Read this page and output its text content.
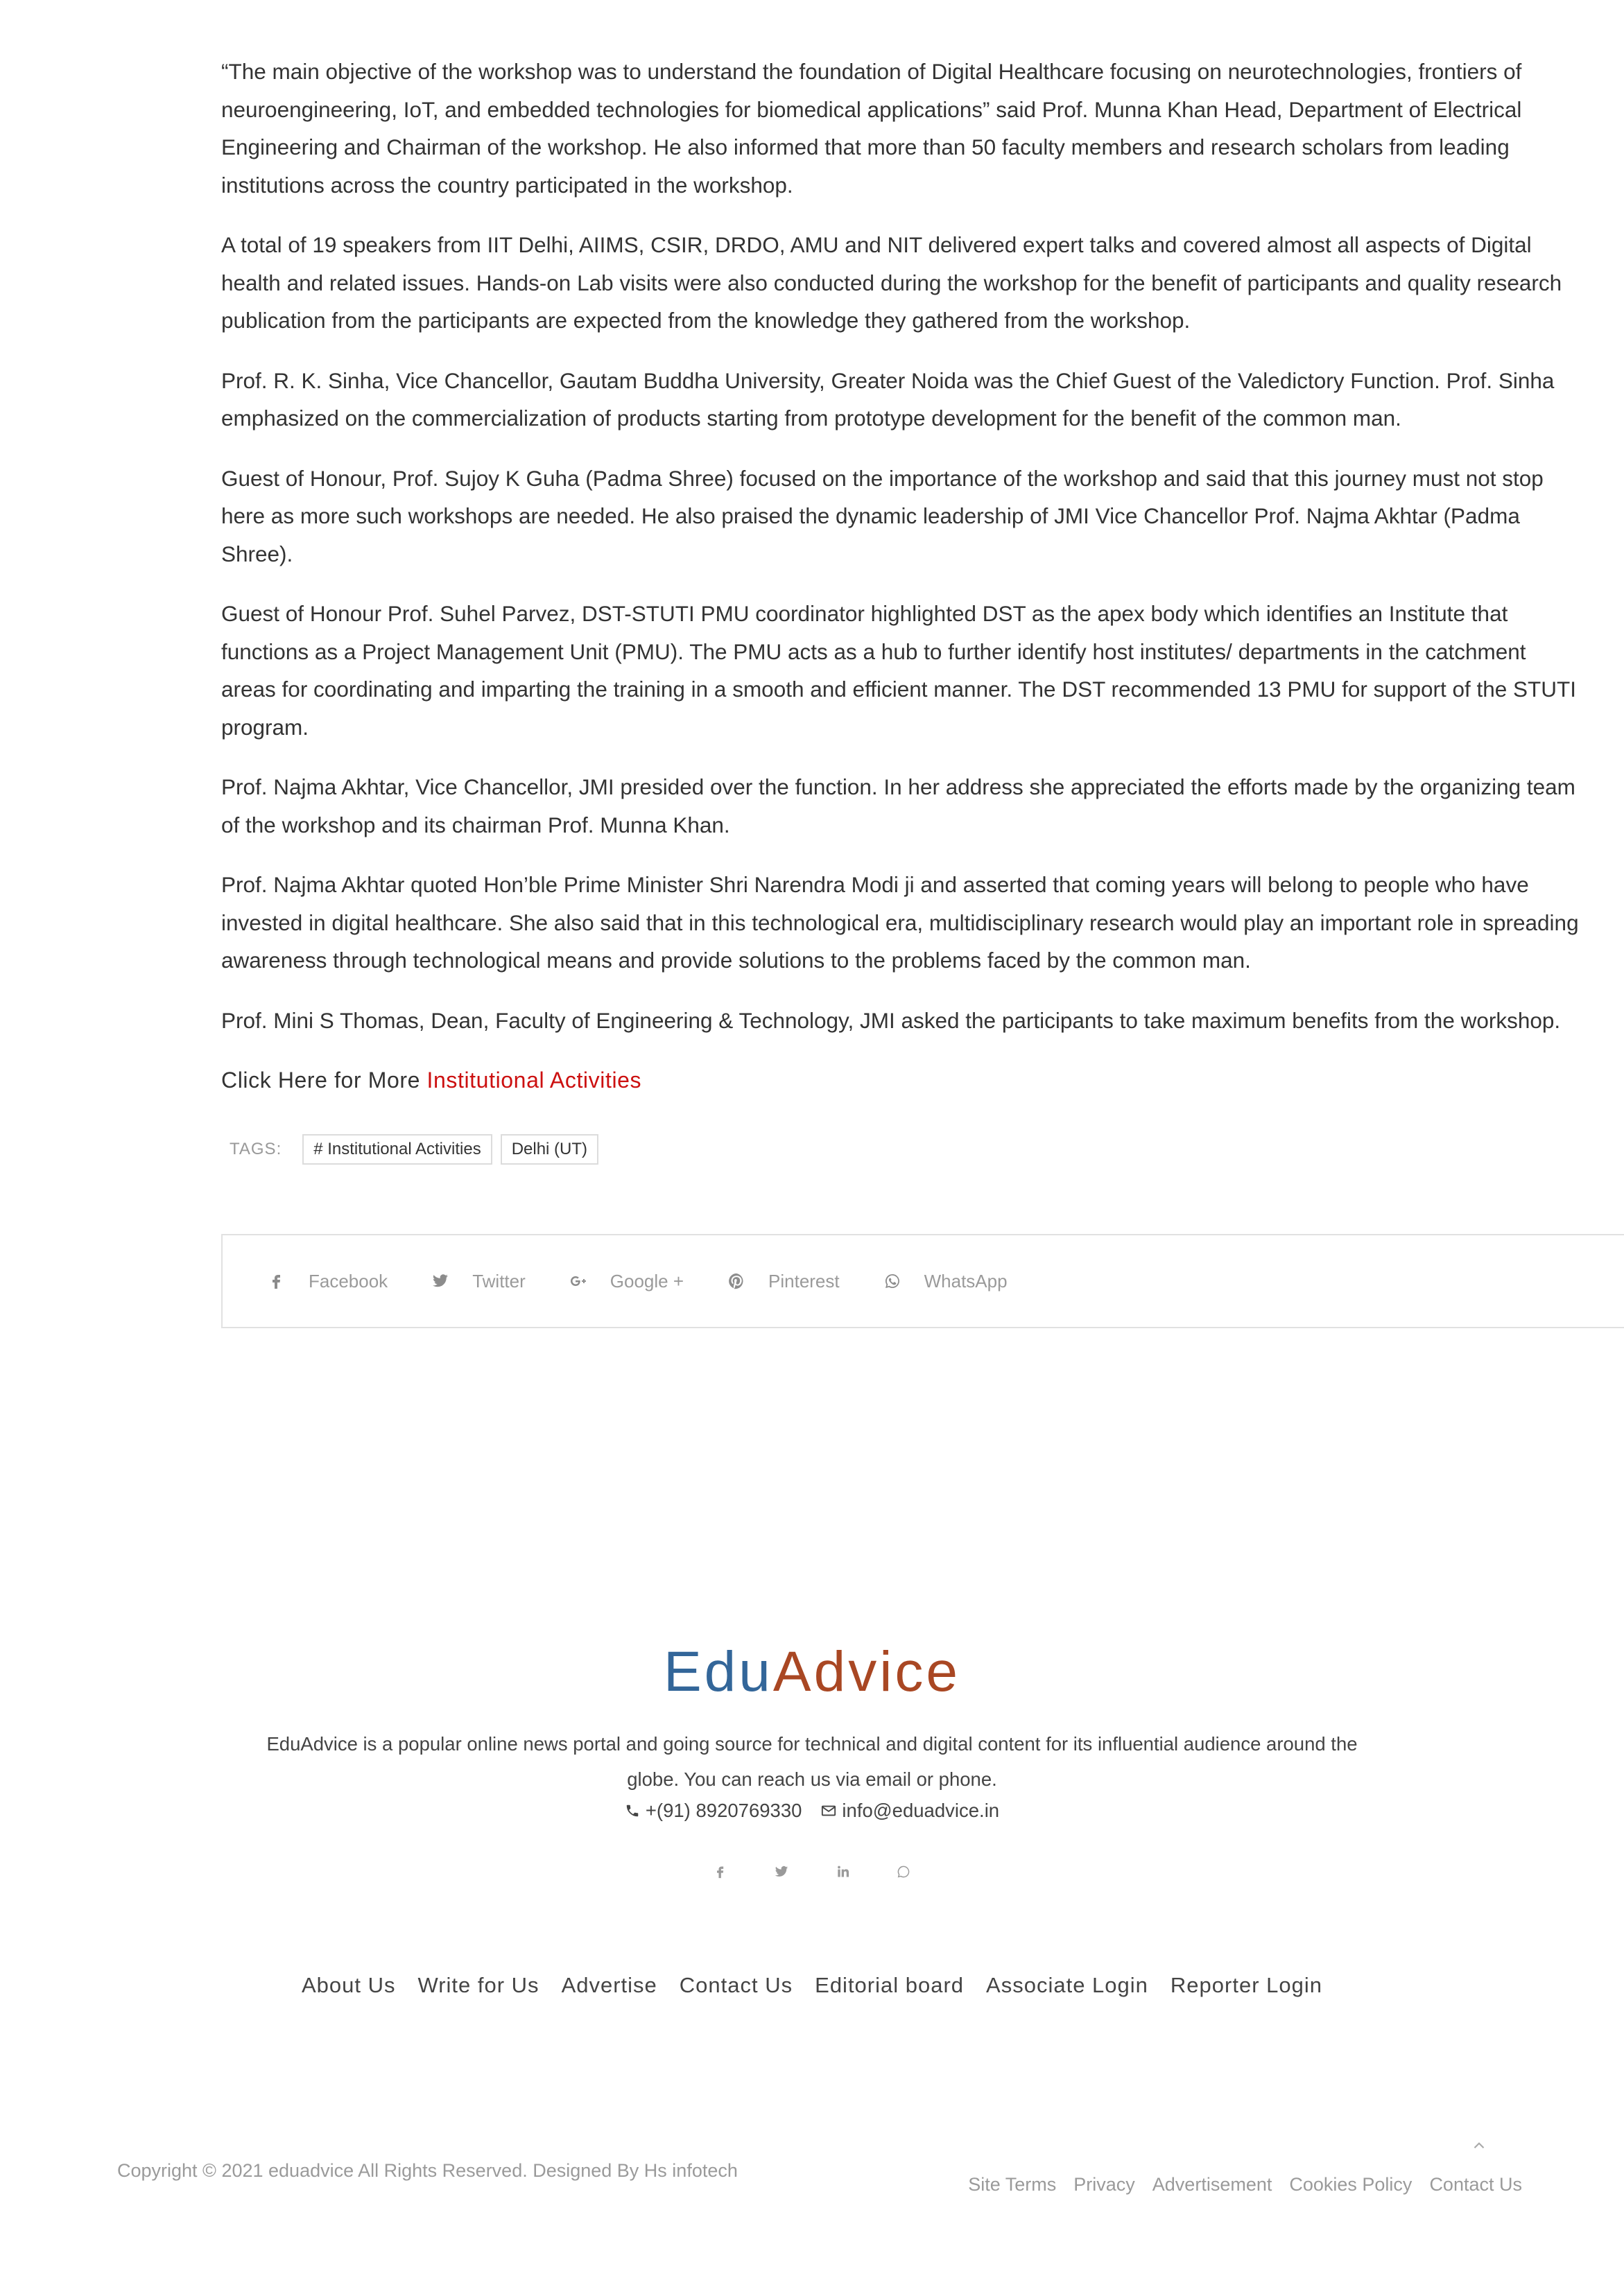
“The main objective of the workshop was to understand the foundation of Digital Healthcare focusing on neurotechnologies, frontiers of neuroengineering, IoT, and embedded technologies for biomedical applications” said Prof. Munna Khan Head, Department of Electrical Engineering and Chairman of the workshop. He also informed that more than 50 faculty members and research scholars from leading institutions across the country participated in the workshop.

A total of 19 speakers from IIT Delhi, AIIMS, CSIR, DRDO, AMU and NIT delivered expert talks and covered almost all aspects of Digital health and related issues. Hands-on Lab visits were also conducted during the workshop for the benefit of participants and quality research publication from the participants are expected from the knowledge they gathered from the workshop.

Prof. R. K. Sinha, Vice Chancellor, Gautam Buddha University, Greater Noida was the Chief Guest of the Valedictory Function. Prof. Sinha emphasized on the commercialization of products starting from prototype development for the benefit of the common man.

Guest of Honour, Prof. Sujoy K Guha (Padma Shree) focused on the importance of the workshop and said that this journey must not stop here as more such workshops are needed. He also praised the dynamic leadership of JMI Vice Chancellor Prof. Najma Akhtar (Padma Shree).

Guest of Honour Prof. Suhel Parvez, DST-STUTI PMU coordinator highlighted DST as the apex body which identifies an Institute that functions as a Project Management Unit (PMU). The PMU acts as a hub to further identify host institutes/ departments in the catchment areas for coordinating and imparting the training in a smooth and efficient manner. The DST recommended 13 PMU for support of the STUTI program.

Prof. Najma Akhtar, Vice Chancellor, JMI presided over the function. In her address she appreciated the efforts made by the organizing team of the workshop and its chairman Prof. Munna Khan.

Prof. Najma Akhtar quoted Hon’ble Prime Minister Shri Narendra Modi ji and asserted that coming years will belong to people who have invested in digital healthcare. She also said that in this technological era, multidisciplinary research would play an important role in spreading awareness through technological means and provide solutions to the problems faced by the common man.

Prof. Mini S Thomas, Dean, Faculty of Engineering & Technology, JMI asked the participants to take maximum benefits from the workshop.

Click Here for More Institutional Activities
TAGS:	# Institutional Activities	Delhi (UT)
Facebook	Twitter	Google +	Pinterest	WhatsApp
EduAdvice
EduAdvice is a popular online news portal and going source for technical and digital content for its influential audience around the globe. You can reach us via email or phone.
+(91) 8920769330 info@eduadvice.in
About Us Write for Us Advertise Contact Us Editorial board Associate Login Reporter Login
Copyright © 2021 eduadvice All Rights Reserved. Designed By Hs infotech
Site Terms Privacy Advertisement Cookies Policy Contact Us
